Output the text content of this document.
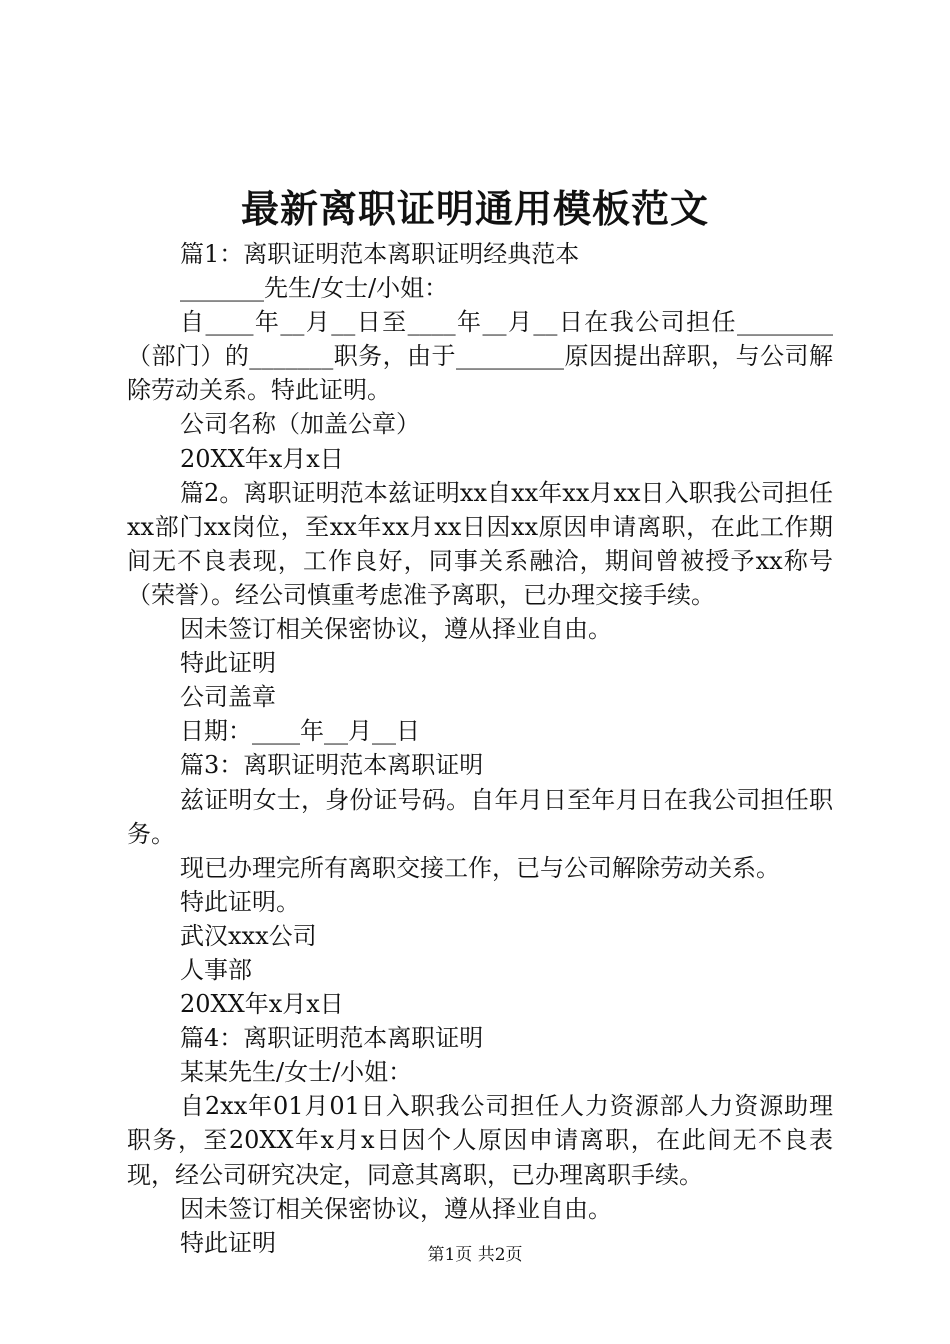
最新离职证明通用模板范文

篇1：离职证明范本离职证明经典范本

_______先生/女士/小姐：

自____年__月__日至____年__月__日在我公司担任________（部门）的_______职务，由于_________原因提出辞职，与公司解除劳动关系。特此证明。

公司名称（加盖公章）

20XX年x月x日

篇2。离职证明范本兹证明xx自xx年xx月xx日入职我公司担任xx部门xx岗位，至xx年xx月xx日因xx原因申请离职，在此工作期间无不良表现，工作良好，同事关系融洽，期间曾被授予xx称号（荣誉）。经公司慎重考虑准予离职，已办理交接手续。

因未签订相关保密协议，遵从择业自由。

特此证明

公司盖章

日期：____年__月__日

篇3：离职证明范本离职证明

兹证明女士，身份证号码。自年月日至年月日在我公司担任职务。

现已办理完所有离职交接工作，已与公司解除劳动关系。

特此证明。

武汉xxx公司

人事部

20XX年x月x日

篇4：离职证明范本离职证明

某某先生/女士/小姐：

自2xx年01月01日入职我公司担任人力资源部人力资源助理职务，至20XX年x月x日因个人原因申请离职，在此间无不良表现，经公司研究决定，同意其离职，已办理离职手续。

因未签订相关保密协议，遵从择业自由。

特此证明	第1页 共2页
